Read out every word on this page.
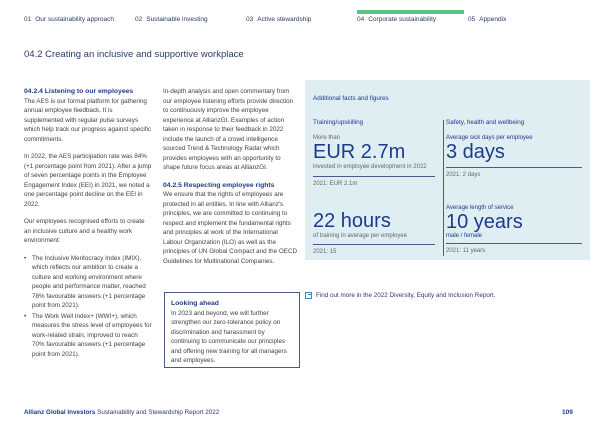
01 Our sustainability approach	02 Sustainable investing	03 Active stewardship	04 Corporate sustainability	05 Appendix
04.2 Creating an inclusive and supportive workplace
04.2.4 Listening to our employees

The AES is our formal platform for gathering annual employee feedback. It is supplemented with regular pulse surveys which help track our progress against specific commitments.

In 2022, the AES participation rate was 84% (+1 percentage point from 2021). After a jump of seven percentage points in the Employee Engagement Index (EEI) in 2021, we noted a one percentage point decline on the EEI in 2022.

Our employees recognised efforts to create an inclusive culture and a healthy work environment:

• The Inclusive Meritocracy Index (IMIX), which reflects our ambition to create a culture and working environment where people and performance matter, reached 78% favourable answers (+1 percentage point from 2021).
• The Work Well Index+ (WWI+), which measures the stress level of employees for work-related strain, improved to reach 70% favourable answers (+1 percentage point from 2021).

In-depth analysis and open commentary from our employee listening efforts provide direction to continuously improve the employee experience at AllianzGI. Examples of action taken in response to their feedback in 2022 include the launch of a crowd intelligence sourced Trend & Technology Radar which provides employees with an opportunity to shape future focus areas at AllianzGI.

04.2.5 Respecting employee rights

We ensure that the rights of employees are protected in all entities. In line with Allianz's principles, we are committed to continuing to respect and implement the fundamental rights and principles at work of the International Labour Organization (ILO) as well as the principles of UN Global Compact and the OECD Guidelines for Multinational Companies.

Looking ahead

In 2023 and beyond, we will further strengthen our zero-tolerance policy on discrimination and harassment by continuing to communicate our principles and offering new training for all managers and employees.

Additional facts and figures
Training/upskilling
More than
EUR 2.7m
invested in employee development in 2022
2021: EUR 2.1m
22 hours
of training in average per employee
2021: 15
Safety, health and wellbeing
Average sick days per employee
3 days
2021: 2 days
Average length of service
10 years
male / female
2021: 11 years
Find out more in the 2022 Diversity, Equity and Inclusion Report.
Allianz Global Investors Sustainability and Stewardship Report 2022	109
